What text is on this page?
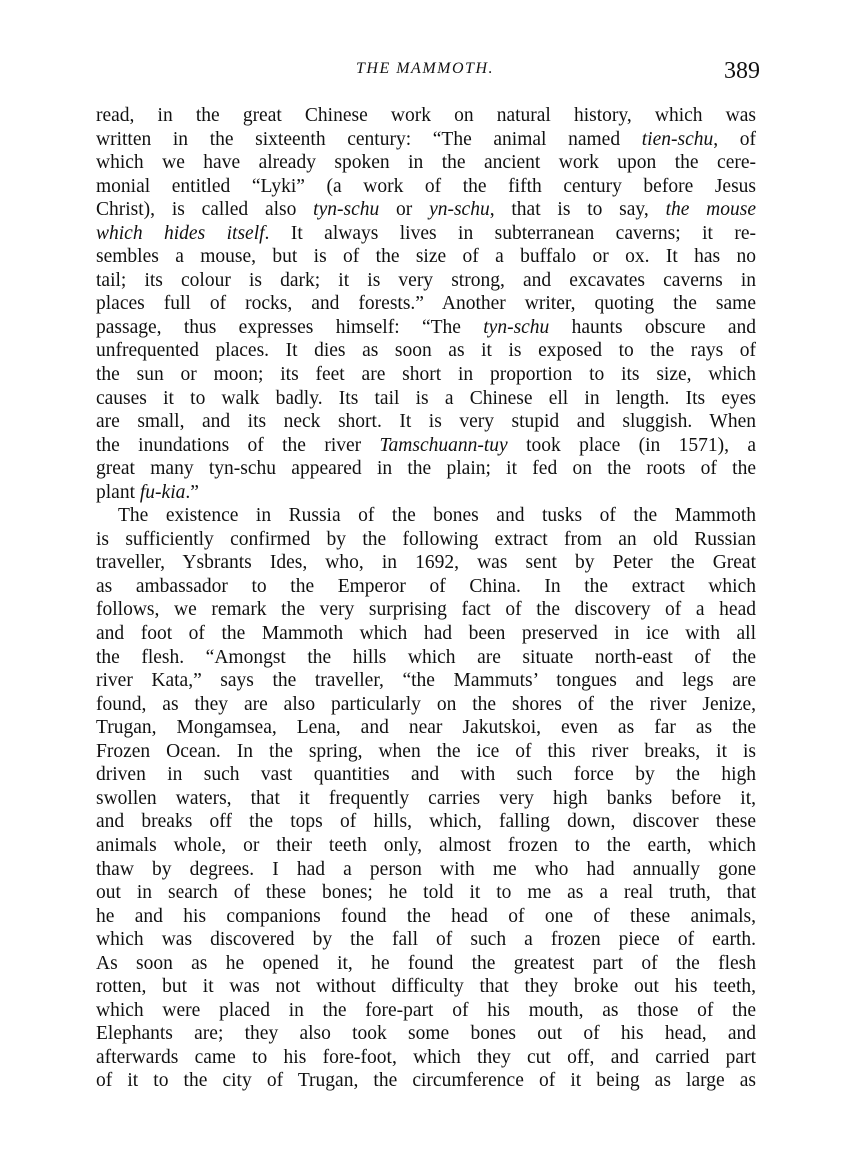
THE MAMMOTH.	389
read, in the great Chinese work on natural history, which was
written in the sixteenth century: “The animal named tien-schu, of
which we have already spoken in the ancient work upon the cere-
monial entitled “Lyki” (a work of the fifth century before Jesus
Christ), is called also tyn-schu or yn-schu, that is to say, the mouse
which hides itself. It always lives in subterranean caverns; it re-
sembles a mouse, but is of the size of a buffalo or ox. It has no
tail; its colour is dark; it is very strong, and excavates caverns in
places full of rocks, and forests.” Another writer, quoting the same
passage, thus expresses himself: “The tyn-schu haunts obscure and
unfrequented places. It dies as soon as it is exposed to the rays of
the sun or moon; its feet are short in proportion to its size, which
causes it to walk badly. Its tail is a Chinese ell in length. Its eyes
are small, and its neck short. It is very stupid and sluggish. When
the inundations of the river Tamschuann-tuy took place (in 1571), a
great many tyn-schu appeared in the plain; it fed on the roots of the
plant fu-kia.”
The existence in Russia of the bones and tusks of the Mammoth
is sufficiently confirmed by the following extract from an old Russian
traveller, Ysbrants Ides, who, in 1692, was sent by Peter the Great
as ambassador to the Emperor of China. In the extract which
follows, we remark the very surprising fact of the discovery of a head
and foot of the Mammoth which had been preserved in ice with all
the flesh. “Amongst the hills which are situate north-east of the
river Kata,” says the traveller, “the Mammuts’ tongues and legs are
found, as they are also particularly on the shores of the river Jenize,
Trugan, Mongamsea, Lena, and near Jakutskoi, even as far as the
Frozen Ocean. In the spring, when the ice of this river breaks, it is
driven in such vast quantities and with such force by the high
swollen waters, that it frequently carries very high banks before it,
and breaks off the tops of hills, which, falling down, discover these
animals whole, or their teeth only, almost frozen to the earth, which
thaw by degrees. I had a person with me who had annually gone
out in search of these bones; he told it to me as a real truth, that
he and his companions found the head of one of these animals,
which was discovered by the fall of such a frozen piece of earth.
As soon as he opened it, he found the greatest part of the flesh
rotten, but it was not without difficulty that they broke out his teeth,
which were placed in the fore-part of his mouth, as those of the
Elephants are; they also took some bones out of his head, and
afterwards came to his fore-foot, which they cut off, and carried part
of it to the city of Trugan, the circumference of it being as large as
